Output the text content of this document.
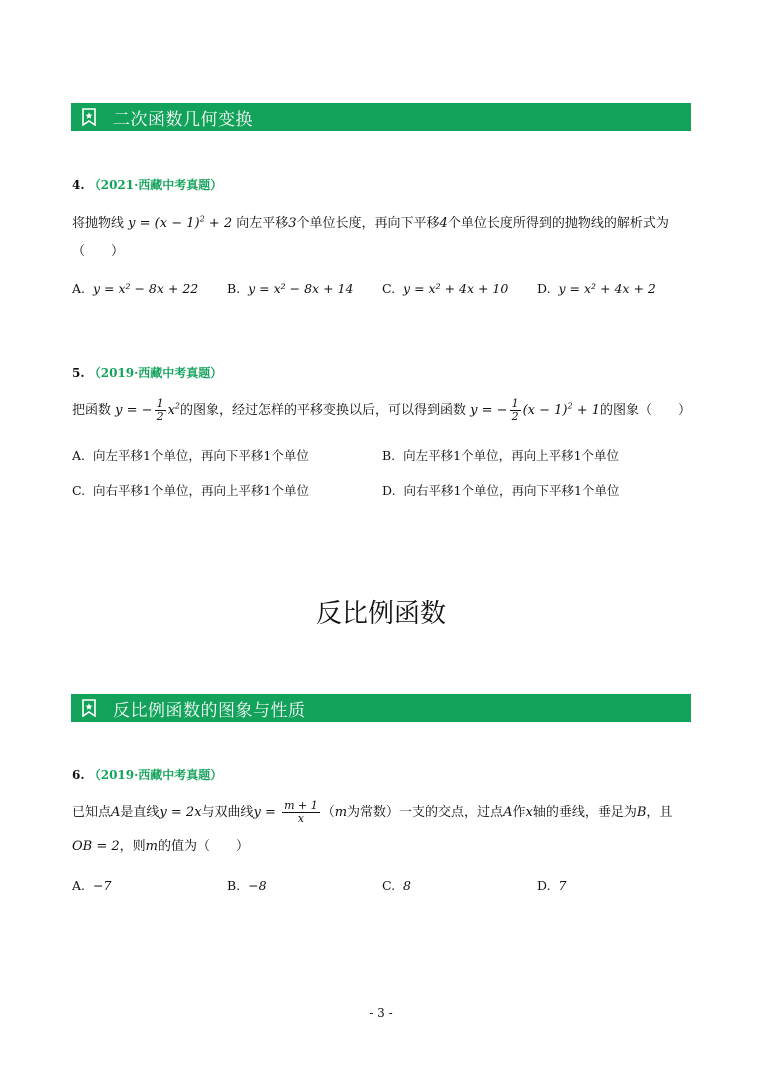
二次函数几何变换
4. （2021·西藏中考真题）
将抛物线 $y = (x - 1)^2 + 2$ 向左平移3个单位长度，再向下平移4个单位长度所得到的抛物线的解析式为
（　　）
A. y = x² − 8x + 22 B. y = x² − 8x + 14 C. y = x² + 4x + 10 D. y = x² + 4x + 2
5. （2019·西藏中考真题）
把函数 y = − $\frac{1}{2} x^2$的图象，经过怎样的平移变换以后，可以得到函数 y = − $\frac{1}{2} (x - 1)^2 + 1$的图象（　　）
A. 向左平移1个单位，再向下平移1个单位	B. 向左平移1个单位，再向上平移1个单位
C. 向右平移1个单位，再向上平移1个单位	D. 向右平移1个单位，再向下平移1个单位
反比例函数
反比例函数的图象与性质
6. （2019·西藏中考真题）
已知点A是直线y = 2x与双曲线$y = \frac{m + 1}{x} (m$为常数）一支的交点，过点A作x轴的垂线，垂足为B，且
OB = 2，则m的值为（　　）
A. −7	B. −8	C. 8	D. 7
- 3 -
